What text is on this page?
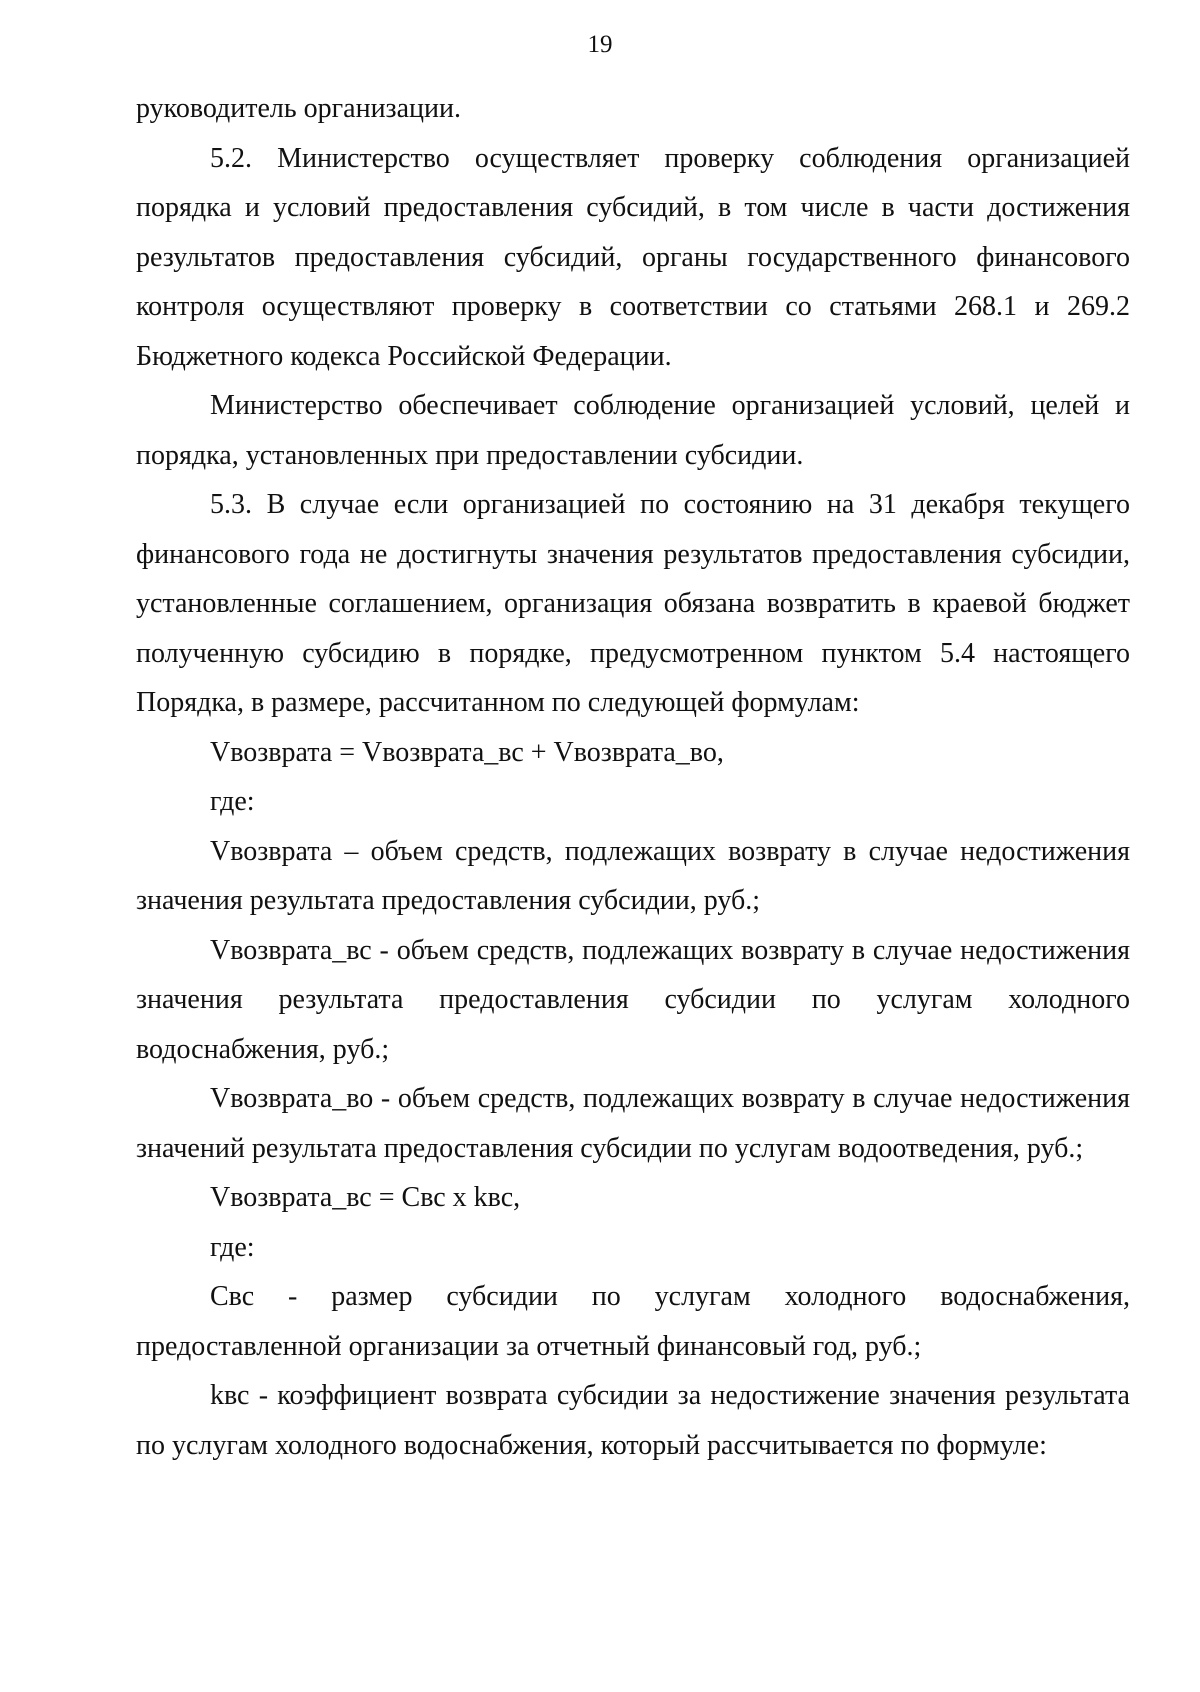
19

руководитель организации.

5.2. Министерство осуществляет проверку соблюдения организацией порядка и условий предоставления субсидий, в том числе в части достижения результатов предоставления субсидий, органы государственного финансового контроля осуществляют проверку в соответствии со статьями 268.1 и 269.2 Бюджетного кодекса Российской Федерации.

Министерство обеспечивает соблюдение организацией условий, целей и порядка, установленных при предоставлении субсидии.

5.3. В случае если организацией по состоянию на 31 декабря текущего финансового года не достигнуты значения результатов предоставления субсидии, установленные соглашением, организация обязана возвратить в краевой бюджет полученную субсидию в порядке, предусмотренном пунктом 5.4 настоящего Порядка, в размере, рассчитанном по следующей формулам:

Vвозврата = Vвозврата_вс + Vвозврата_во,

где:

Vвозврата – объем средств, подлежащих возврату в случае недостижения значения результата предоставления субсидии, руб.;

Vвозврата_вс - объем средств, подлежащих возврату в случае недостижения значения результата предоставления субсидии по услугам холодного водоснабжения, руб.;

Vвозврата_во - объем средств, подлежащих возврату в случае недостижения значений результата предоставления субсидии по услугам водоотведения, руб.;

Vвозврата_вс = Свс x kвс,

где:

Свс - размер субсидии по услугам холодного водоснабжения, предоставленной организации за отчетный финансовый год, руб.;

kвс - коэффициент возврата субсидии за недостижение значения результата по услугам холодного водоснабжения, который рассчитывается по формуле:
